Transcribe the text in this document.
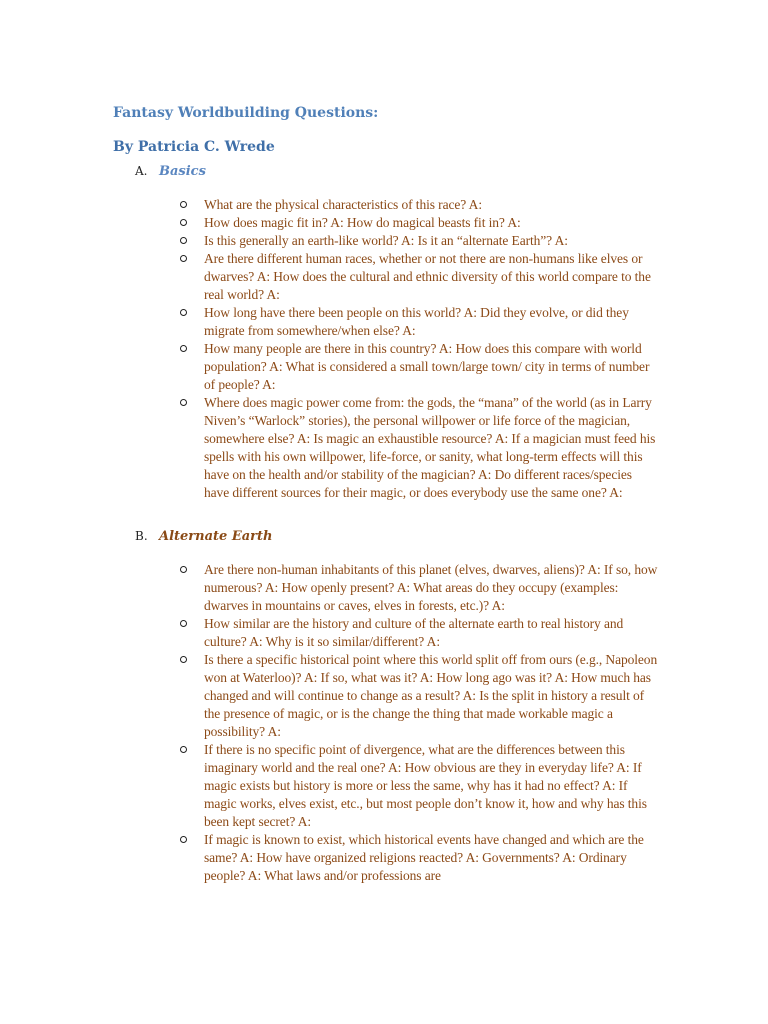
Fantasy Worldbuilding Questions:
By Patricia C. Wrede
A. Basics
What are the physical characteristics of this race? A:
How does magic fit in? A: How do magical beasts fit in? A:
Is this generally an earth-like world? A: Is it an “alternate Earth”? A:
Are there different human races, whether or not there are non-humans like elves or dwarves? A: How does the cultural and ethnic diversity of this world compare to the real world? A:
How long have there been people on this world? A: Did they evolve, or did they migrate from somewhere/when else? A:
How many people are there in this country? A: How does this compare with world population? A: What is considered a small town/large town/ city in terms of number of people? A:
Where does magic power come from: the gods, the “mana” of the world (as in Larry Niven’s “Warlock” stories), the personal willpower or life force of the magician, somewhere else? A: Is magic an exhaustible resource? A: If a magician must feed his spells with his own willpower, life-force, or sanity, what long-term effects will this have on the health and/or stability of the magician? A: Do different races/species have different sources for their magic, or does everybody use the same one? A:
B. Alternate Earth
Are there non-human inhabitants of this planet (elves, dwarves, aliens)? A: If so, how numerous? A: How openly present? A: What areas do they occupy (examples: dwarves in mountains or caves, elves in forests, etc.)? A:
How similar are the history and culture of the alternate earth to real history and culture? A: Why is it so similar/different? A:
Is there a specific historical point where this world split off from ours (e.g., Napoleon won at Waterloo)? A: If so, what was it? A: How long ago was it? A: How much has changed and will continue to change as a result? A: Is the split in history a result of the presence of magic, or is the change the thing that made workable magic a possibility? A:
If there is no specific point of divergence, what are the differences between this imaginary world and the real one? A: How obvious are they in everyday life? A: If magic exists but history is more or less the same, why has it had no effect? A: If magic works, elves exist, etc., but most people don’t know it, how and why has this been kept secret? A:
If magic is known to exist, which historical events have changed and which are the same? A: How have organized religions reacted? A: Governments? A: Ordinary people? A: What laws and/or professions are
